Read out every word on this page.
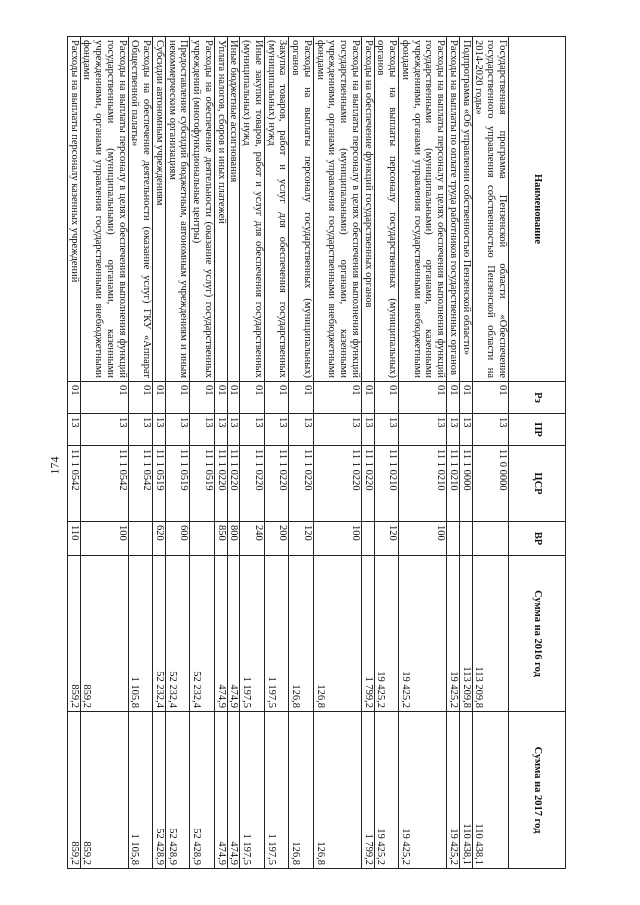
174
Наименование	Рз	ПР	ЦСР	ВР	Сумма на 2016 год	Сумма на 2017 год
Государственная программа Пензенской области «Обеспечение государственного управления собственностью Пензенской области на 2014-2020 годы»	01	13	11 0 0000		113 209,8	110 438,1
Подпрограмма «Об управлении собственностью Пензенской области»	01	13	11 1 0000		113 209,8	110 438,1
Расходы на выплаты по оплате труда работников государственных органов	01	13	11 1 0210		19 425,2	19 425,2
Расходы на выплаты персоналу в целях обеспечения выполнения функций государственными (муниципальными) органами, казенными учреждениями, органами управления государственными внебюджетными фондами	01	13	11 1 0210	100	19 425,2	19 425,2
Расходы на выплаты персоналу государственных (муниципальных) органов	01	13	11 1 0210	120	19 425,2	19 425,2
Расходы на обеспечение функций государственных органов	01	13	11 1 0220		1 799,2	1 799,2
Расходы на выплаты персоналу в целях обеспечения выполнения функций государственными (муниципальными) органами, казенными учреждениями, органами управления государственными внебюджетными фондами	01	13	11 1 0220	100	126,8	126,8
Расходы на выплаты персоналу государственных (муниципальных) органов	01	13	11 1 0220	120	126,8	126,8
Закупка товаров, работ и услуг для обеспечения государственных (муниципальных) нужд	01	13	11 1 0220	200	1 197,5	1 197,5
Иные закупки товаров, работ и услуг для обеспечения государственных (муниципальных) нужд	01	13	11 1 0220	240	1 197,5	1 197,5
Иные бюджетные ассигнования	01	13	11 1 0220	800	474,9	474,9
Уплата налогов, сборов и иных платежей	01	13	11 1 0220	850	474,9	474,9
Расходы на обеспечение деятельности (оказание услуг) государственных учреждений (многофункциональные центры)	01	13	11 1 0519		52 232,4	52 428,9
Предоставление субсидий бюджетным, автономным учреждениям и иным некоммерческим организациям	01	13	11 1 0519	600	52 232,4	52 428,9
Субсидии автономным учреждениям	01	13	11 1 0519	620	52 232,4	52 428,9
Расходы на обеспечение деятельности (оказание услуг) ГКУ «Аппарат Общественной палаты»	01	13	11 1 0542		1 105,8	1 105,8
Расходы на выплаты персоналу в целях обеспечения выполнения функций государственными (муниципальными) органами, казенными учреждениями, органами управления государственными внебюджетными фондами	01	13	11 1 0542	100	859,2	859,2
Расходы на выплаты персоналу казенных учреждений	01	13	11 1 0542	110	859,2	859,2
